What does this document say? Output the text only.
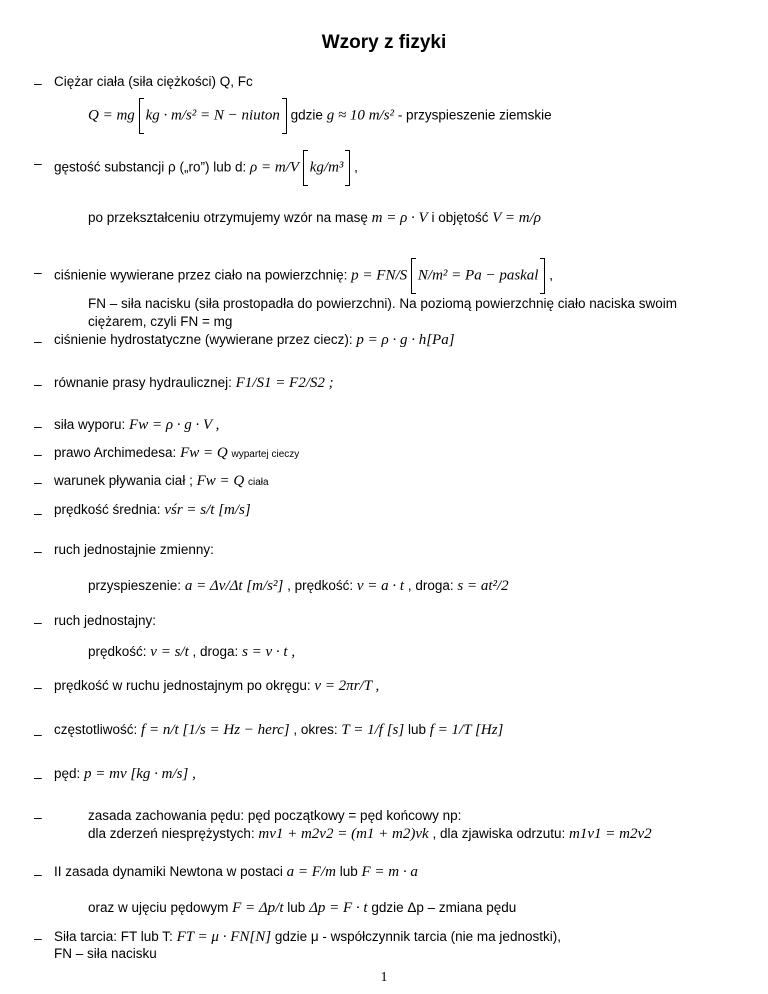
Wzory z fizyki
– Ciężar ciała (siła ciężkości) Q, Fc
Q = mg kg · m/s² = N − niuton gdzie g ≈ 10 m/s² - przyspieszenie ziemskie
– gęstość substancji ρ („ro”) lub d: ρ = m/V kg/m³ ,
po przekształceniu otrzymujemy wzór na masę m = ρ · V i objętość V = m/ρ
– ciśnienie wywierane przez ciało na powierzchnię: p = FN/S N/m² = Pa − paskal ,
FN – siła nacisku (siła prostopadła do powierzchni). Na poziomą powierzchnię ciało naciska swoim
ciężarem, czyli FN = mg
– ciśnienie hydrostatyczne (wywierane przez ciecz): p = ρ · g · h[Pa]
– równanie prasy hydraulicznej: F1/S1 = F2/S2 ;
– siła wyporu: Fw = ρ · g · V ,
– prawo Archimedesa: Fw = Q wypartej cieczy
– warunek pływania ciał ; Fw = Q ciała
– prędkość średnia: vśr = s/t [m/s]
– ruch jednostajnie zmienny:
przyspieszenie: a = Δv/Δt [m/s²] , prędkość: v = a · t , droga: s = at²/2
– ruch jednostajny:
prędkość: v = s/t , droga: s = v · t ,
– prędkość w ruchu jednostajnym po okręgu: v = 2πr/T ,
– częstotliwość: f = n/t [1/s = Hz − herc] , okres: T = 1/f [s] lub f = 1/T [Hz]
– pęd: p = mv [kg · m/s] ,
–	zasada zachowania pędu: pęd początkowy = pęd końcowy np:
dla zderzeń niesprężystych: mv1 + m2v2 = (m1 + m2)vk , dla zjawiska odrzutu: m1v1 = m2v2
– II zasada dynamiki Newtona w postaci a = F/m lub F = m · a
oraz w ujęciu pędowym F = Δp/t lub Δp = F · t gdzie Δp – zmiana pędu
– Siła tarcia: FT lub T: FT = μ · FN[N] gdzie μ - współczynnik tarcia (nie ma jednostki),
FN – siła nacisku
1
